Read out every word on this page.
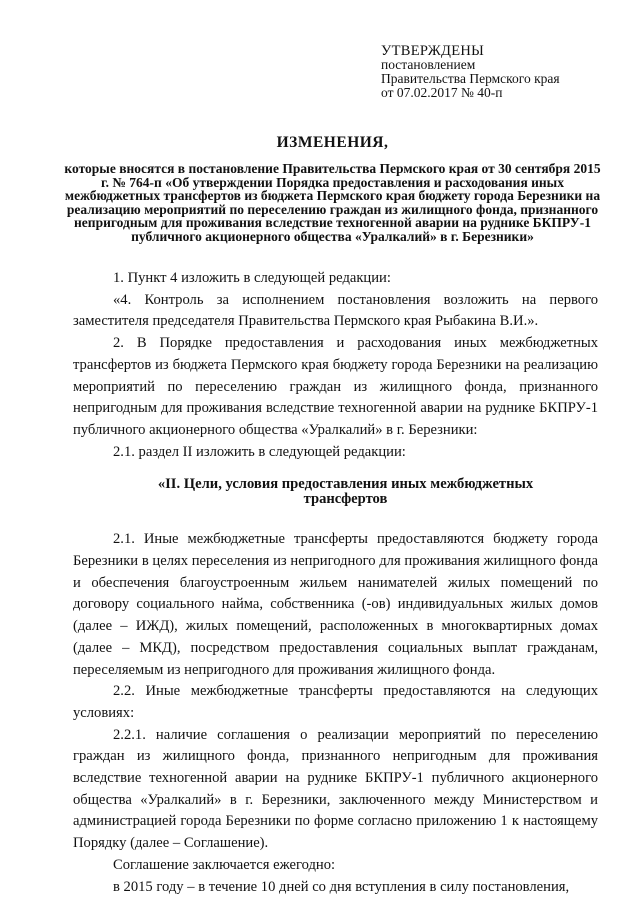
УТВЕРЖДЕНЫ
постановлением
Правительства Пермского края
от 07.02.2017 № 40-п
ИЗМЕНЕНИЯ,
которые вносятся в постановление Правительства Пермского края от 30 сентября 2015 г. № 764-п «Об утверждении Порядка предоставления и расходования иных межбюджетных трансфертов из бюджета Пермского края бюджету города Березники на реализацию мероприятий по переселению граждан из жилищного фонда, признанного непригодным для проживания вследствие техногенной аварии на руднике БКПРУ-1 публичного акционерного общества «Уралкалий» в г. Березники»

1. Пункт 4 изложить в следующей редакции:

«4. Контроль за исполнением постановления возложить на первого заместителя председателя Правительства Пермского края Рыбакина В.И.».

2. В Порядке предоставления и расходования иных межбюджетных трансфертов из бюджета Пермского края бюджету города Березники на реализацию мероприятий по переселению граждан из жилищного фонда, признанного непригодным для проживания вследствие техногенной аварии на руднике БКПРУ-1 публичного акционерного общества «Уралкалий» в г. Березники:

2.1. раздел II изложить в следующей редакции:

«II. Цели, условия предоставления иных межбюджетных трансфертов

2.1. Иные межбюджетные трансферты предоставляются бюджету города Березники в целях переселения из непригодного для проживания жилищного фонда и обеспечения благоустроенным жильем нанимателей жилых помещений по договору социального найма, собственника (-ов) индивидуальных жилых домов (далее – ИЖД), жилых помещений, расположенных в многоквартирных домах (далее – МКД), посредством предоставления социальных выплат гражданам, переселяемым из непригодного для проживания жилищного фонда.

2.2. Иные межбюджетные трансферты предоставляются на следующих условиях:

2.2.1. наличие соглашения о реализации мероприятий по переселению граждан из жилищного фонда, признанного непригодным для проживания вследствие техногенной аварии на руднике БКПРУ-1 публичного акционерного общества «Уралкалий» в г. Березники, заключенного между Министерством и администрацией города Березники по форме согласно приложению 1 к настоящему Порядку (далее – Соглашение).

Соглашение заключается ежегодно:

в 2015 году – в течение 10 дней со дня вступления в силу постановления,
